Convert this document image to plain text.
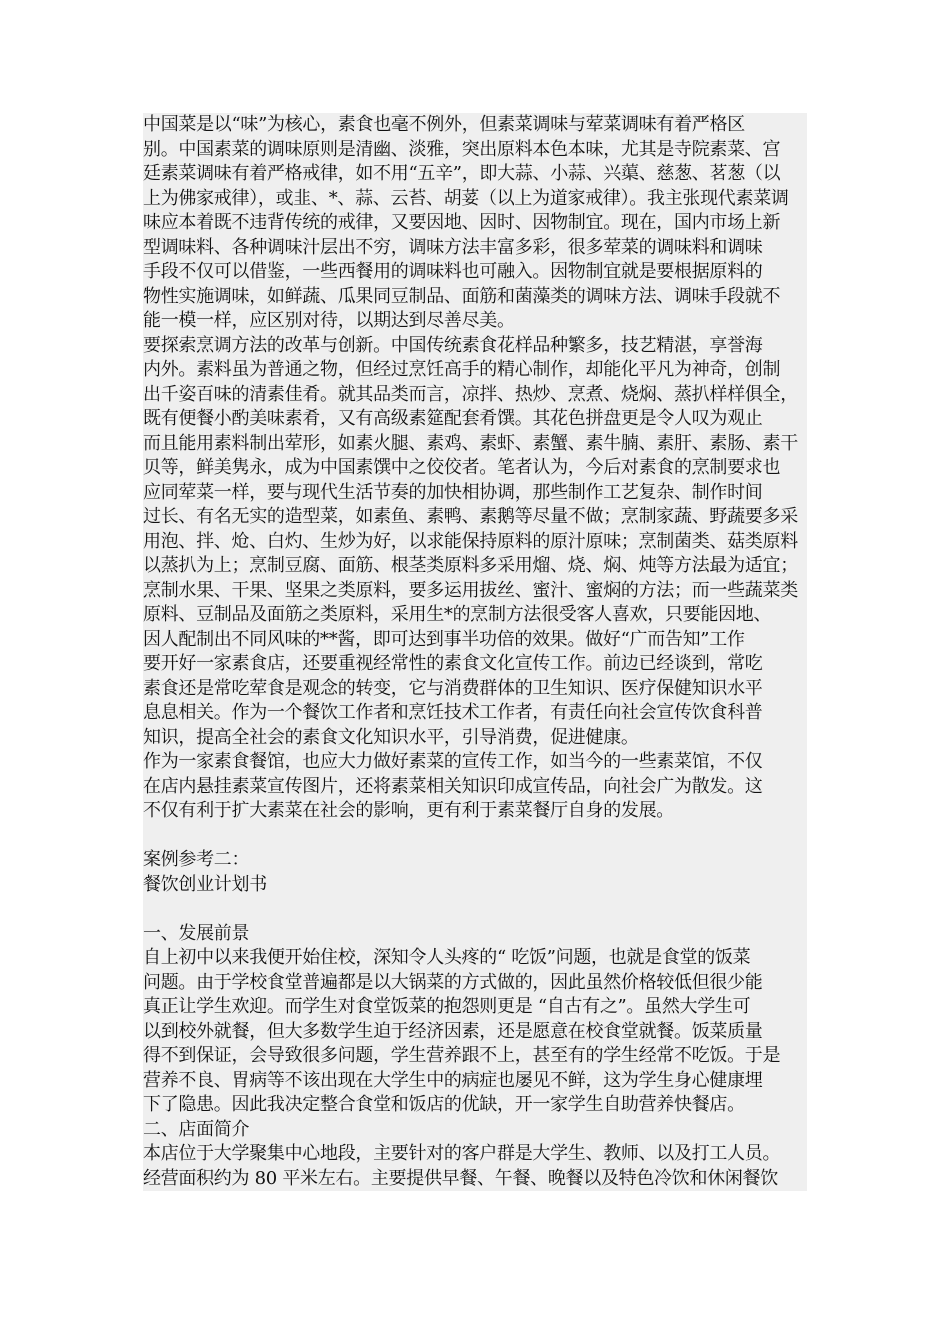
中国菜是以“味”为核心，素食也毫不例外，但素菜调味与荤菜调味有着严格区
别。中国素菜的调味原则是清幽、淡雅，突出原料本色本味，尤其是寺院素菜、宫
廷素菜调味有着严格戒律，如不用“五辛”，即大蒜、小蒜、兴蕖、慈葱、茗葱（以
上为佛家戒律），或韭、*、蒜、云苔、胡荽（以上为道家戒律）。我主张现代素菜调
味应本着既不违背传统的戒律，又要因地、因时、因物制宜。现在，国内市场上新
型调味料、各种调味汁层出不穷，调味方法丰富多彩，很多荤菜的调味料和调味
手段不仅可以借鉴，一些西餐用的调味料也可融入。因物制宜就是要根据原料的
物性实施调味，如鲜蔬、瓜果同豆制品、面筋和菌藻类的调味方法、调味手段就不
能一模一样，应区别对待，以期达到尽善尽美。
要探索烹调方法的改革与创新。中国传统素食花样品种繁多，技艺精湛，享誉海
内外。素料虽为普通之物，但经过烹饪高手的精心制作，却能化平凡为神奇，创制
出千姿百味的清素佳肴。就其品类而言，凉拌、热炒、烹煮、烧焖、蒸扒样样俱全，
既有便餐小酌美味素肴，又有高级素筵配套肴馔。其花色拼盘更是令人叹为观止
而且能用素料制出荤形，如素火腿、素鸡、素虾、素蟹、素牛腩、素肝、素肠、素干
贝等，鲜美隽永，成为中国素馔中之佼佼者。笔者认为，今后对素食的烹制要求也
应同荤菜一样，要与现代生活节奏的加快相协调，那些制作工艺复杂、制作时间
过长、有名无实的造型菜，如素鱼、素鸭、素鹅等尽量不做；烹制家蔬、野蔬要多采
用泡、拌、炝、白灼、生炒为好，以求能保持原料的原汁原味；烹制菌类、菇类原料
以蒸扒为上；烹制豆腐、面筋、根茎类原料多采用熘、烧、焖、炖等方法最为适宜；
烹制水果、干果、坚果之类原料，要多运用拔丝、蜜汁、蜜焖的方法；而一些蔬菜类
原料、豆制品及面筋之类原料，采用生*的烹制方法很受客人喜欢，只要能因地、
因人配制出不同风味的**酱，即可达到事半功倍的效果。做好“广而告知”工作
要开好一家素食店，还要重视经常性的素食文化宣传工作。前边已经谈到，常吃
素食还是常吃荤食是观念的转变，它与消费群体的卫生知识、医疗保健知识水平
息息相关。作为一个餐饮工作者和烹饪技术工作者，有责任向社会宣传饮食科普
知识，提高全社会的素食文化知识水平，引导消费，促进健康。
作为一家素食餐馆，也应大力做好素菜的宣传工作，如当今的一些素菜馆，不仅
在店内悬挂素菜宣传图片，还将素菜相关知识印成宣传品，向社会广为散发。这
不仅有利于扩大素菜在社会的影响，更有利于素菜餐厅自身的发展。
案例参考二：
餐饮创业计划书
一、发展前景
自上初中以来我便开始住校，深知令人头疼的“ 吃饭”问题，也就是食堂的饭菜
问题。由于学校食堂普遍都是以大锅菜的方式做的，因此虽然价格较低但很少能
真正让学生欢迎。而学生对食堂饭菜的抱怨则更是 “自古有之”。虽然大学生可
以到校外就餐，但大多数学生迫于经济因素，还是愿意在校食堂就餐。饭菜质量
得不到保证，会导致很多问题，学生营养跟不上，甚至有的学生经常不吃饭。于是
营养不良、胃病等不该出现在大学生中的病症也屡见不鲜，这为学生身心健康埋
下了隐患。因此我决定整合食堂和饭店的优缺，开一家学生自助营养快餐店。
二、店面简介
本店位于大学聚集中心地段，主要针对的客户群是大学生、教师、以及打工人员。
经营面积约为 80 平米左右。主要提供早餐、午餐、晚餐以及特色冷饮和休闲餐饮
